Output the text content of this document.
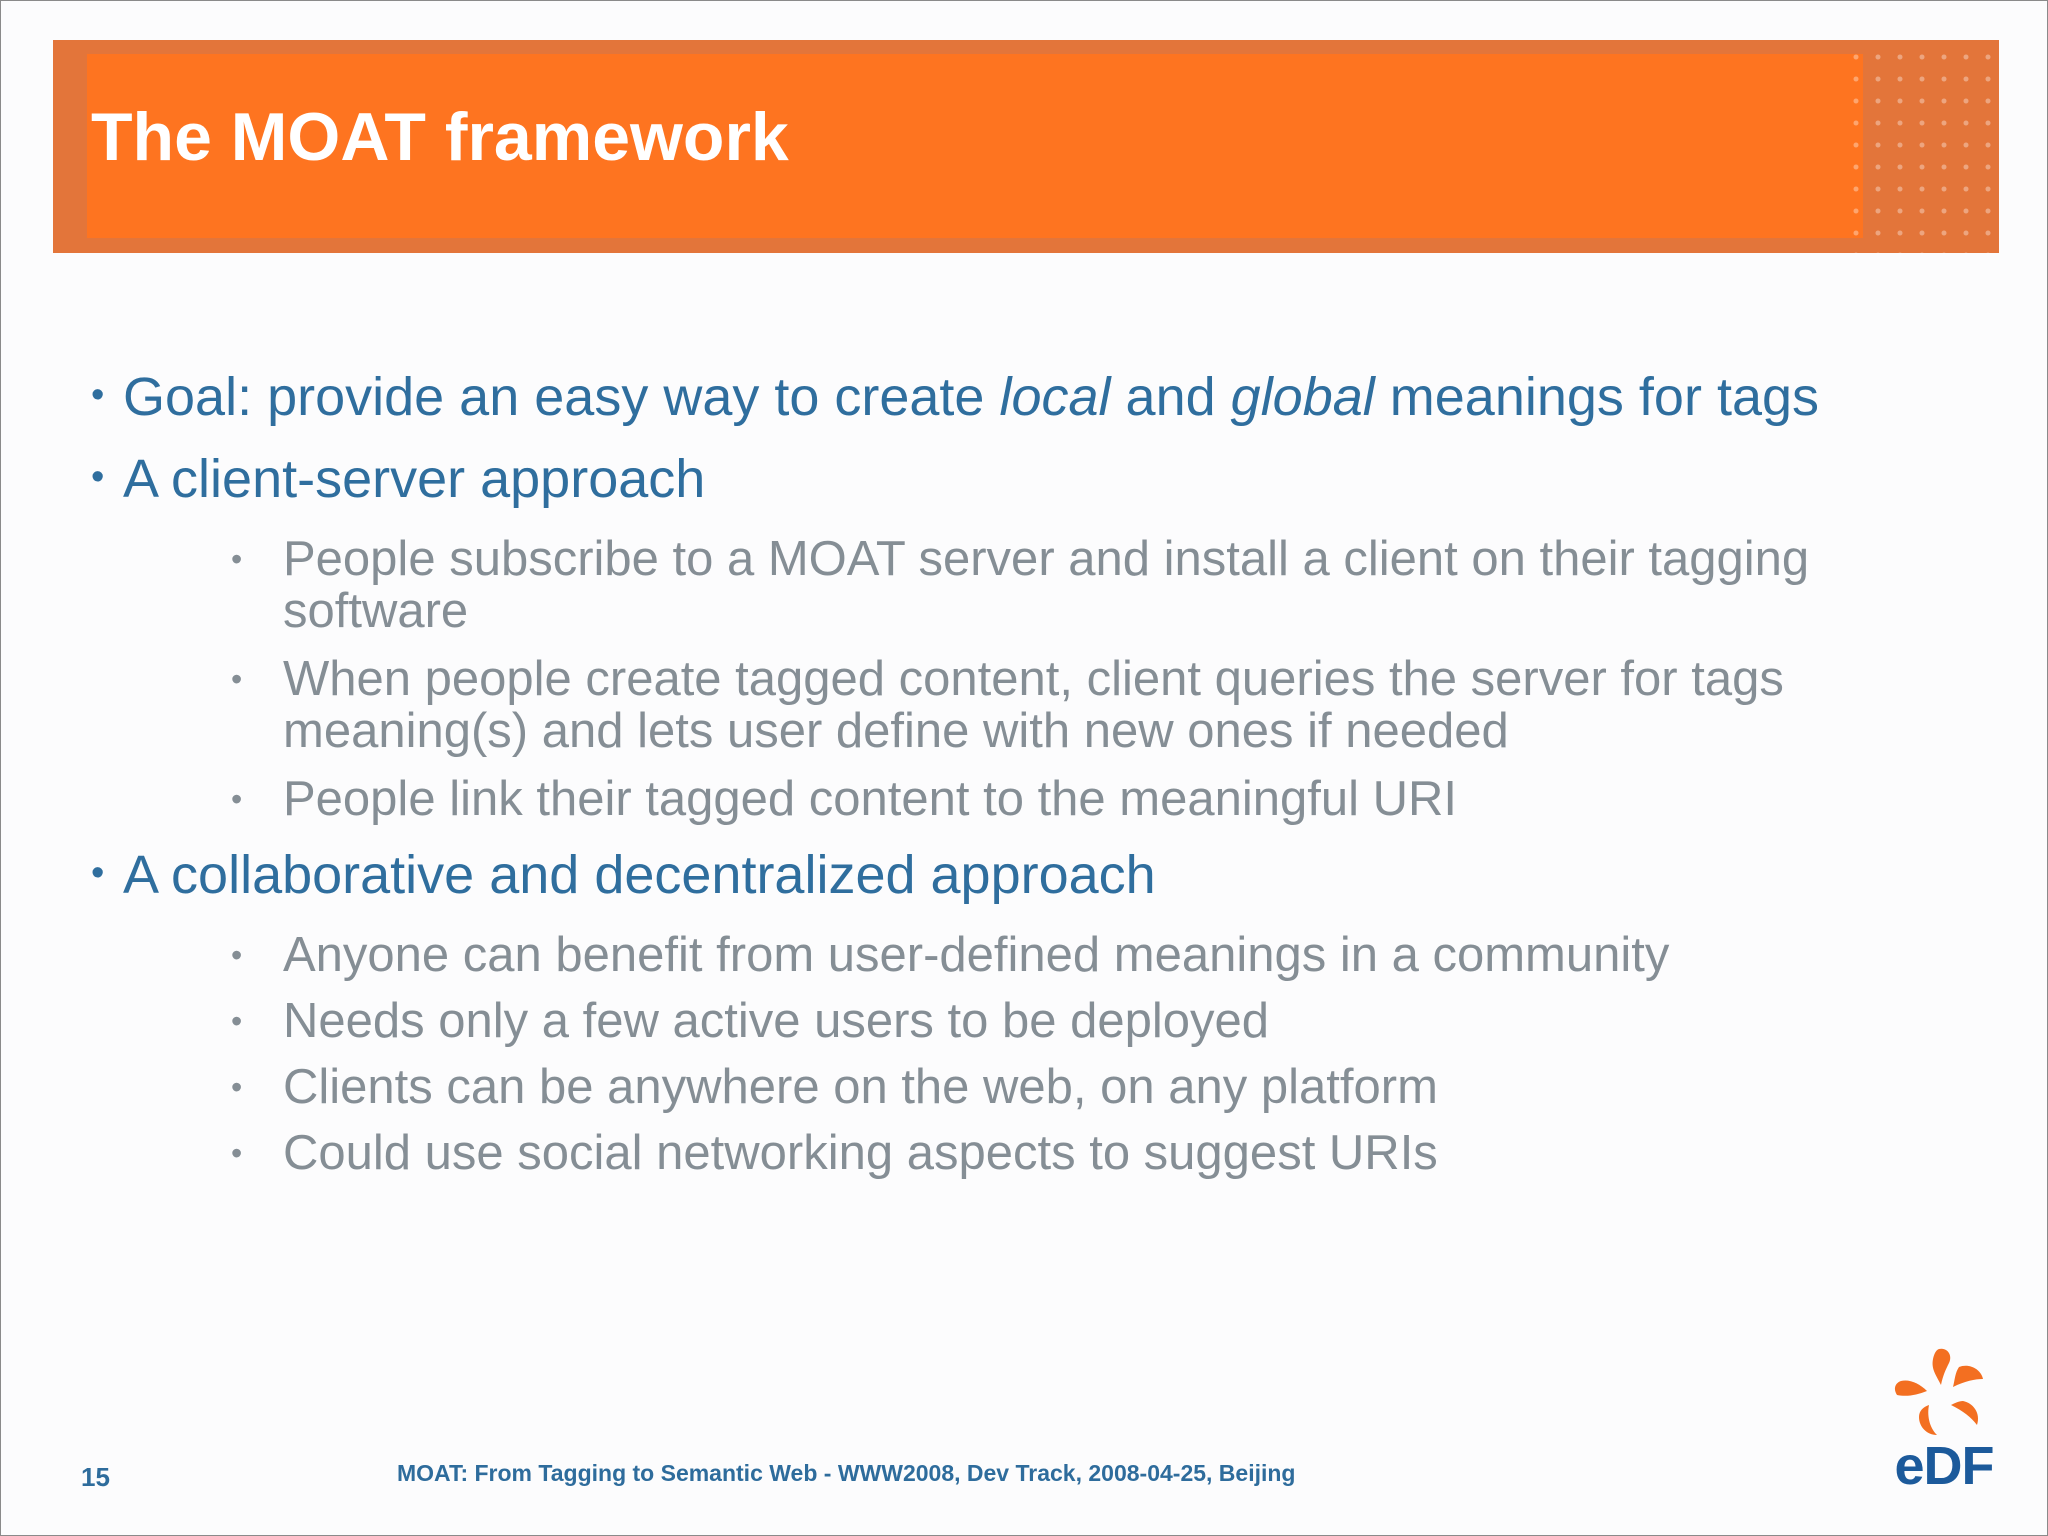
The MOAT framework
• Goal: provide an easy way to create local and global meanings for tags
• A client-server approach
• People subscribe to a MOAT server and install a client on their tagging software
• When people create tagged content, client queries the server for tags meaning(s) and lets user define with new ones if needed
• People link their tagged content to the meaningful URI
• A collaborative and decentralized approach
• Anyone can benefit from user-defined meanings in a community
• Needs only a few active users to be deployed
• Clients can be anywhere on the web, on any platform
• Could use social networking aspects to suggest URIs
15	MOAT: From Tagging to Semantic Web - WWW2008, Dev Track, 2008-04-25, Beijing	eDF
